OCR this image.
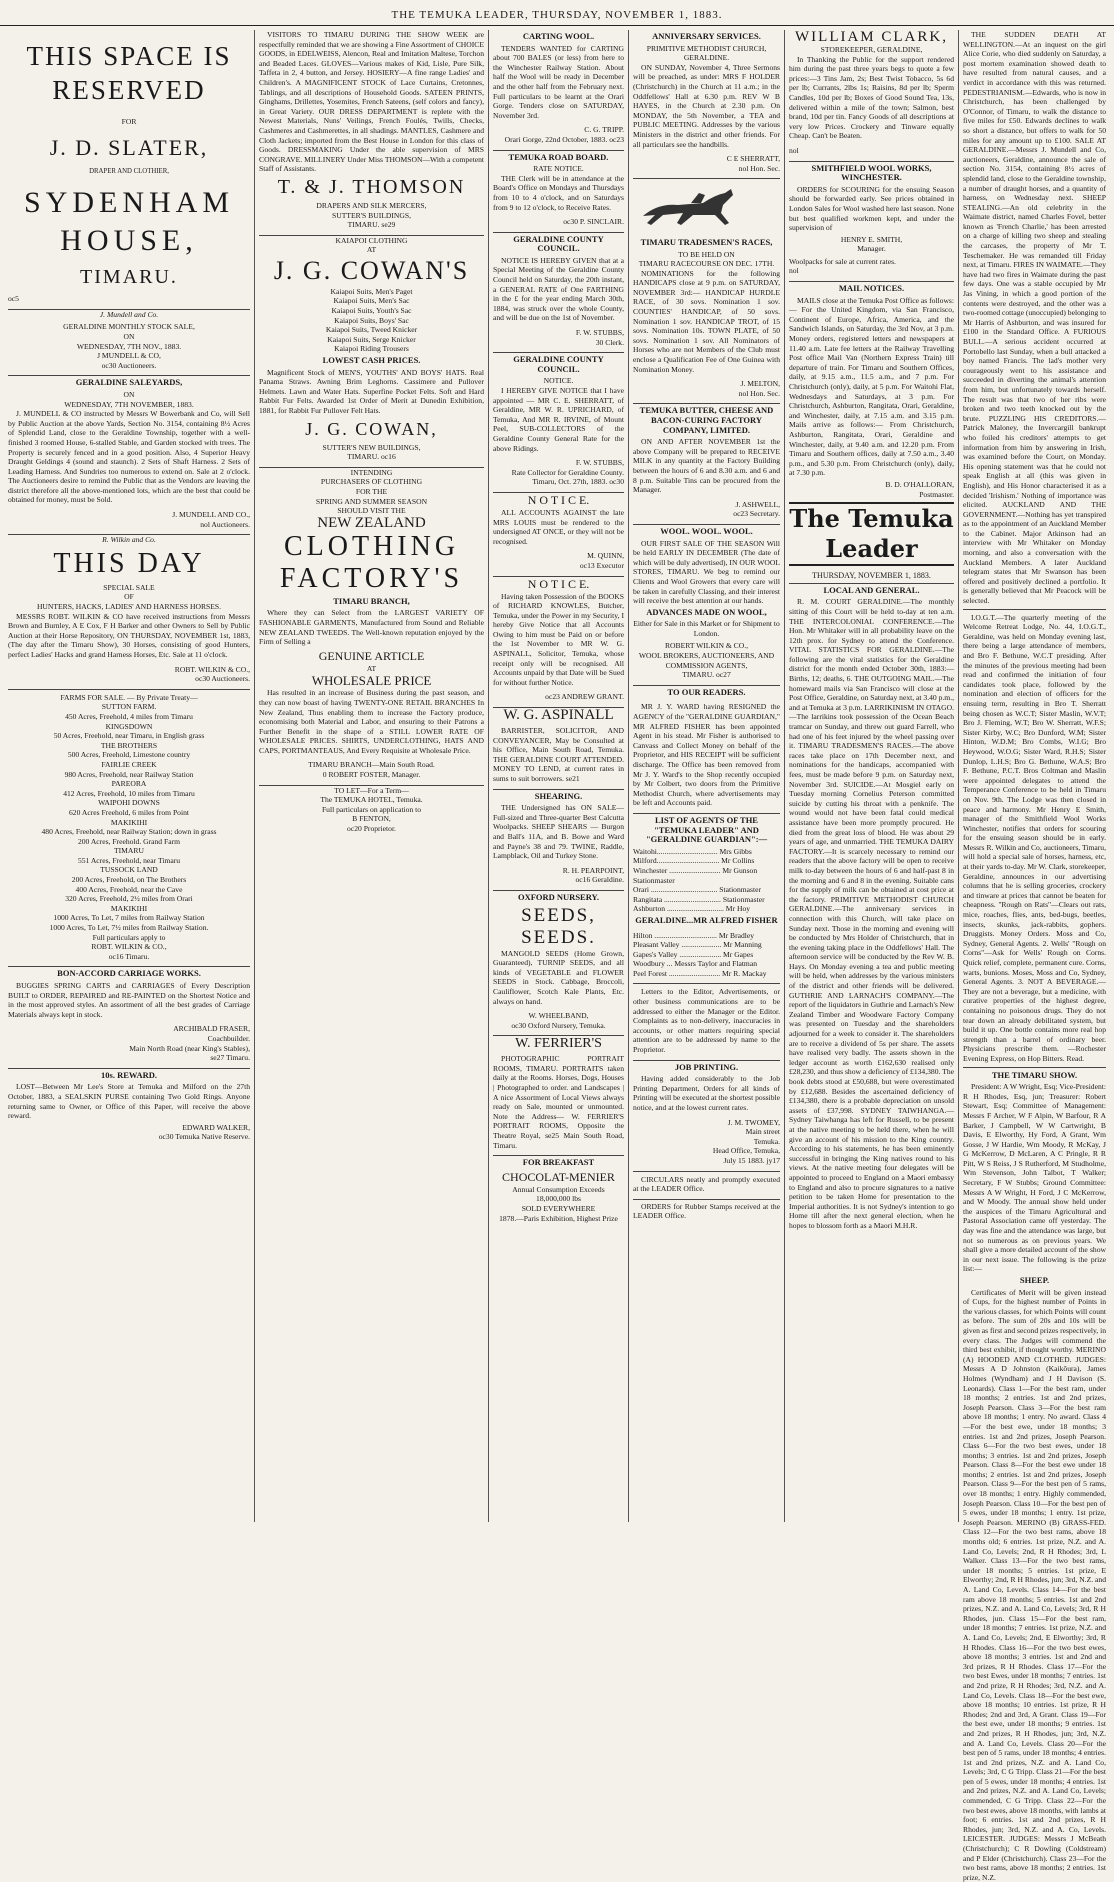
THE TEMUKA LEADER, THURSDAY, NOVEMBER 1, 1883.
THIS SPACE IS RESERVED
FOR
J. D. SLATER,
DRAPER AND CLOTHIER,
SYDENHAM HOUSE,
TIMARU.
oc5
J. Mundell and Co.
GERALDINE MONTHLY STOCK SALE,
ON
WEDNESDAY, 7TH NOV., 1883.
J MUNDELL & CO,
oc30 Auctioneers.
GERALDINE SALEYARDS,
ON
WEDNESDAY, 7TH NOVEMBER, 1883.
J. MUNDELL & CO instructed by Messrs W Bowerbank and Co, will Sell by Public Auction at the above Yards, Section No. 3154, containing 8½ Acres of Splendid Land, close to the Geraldine Township, together with a well-finished 3 roomed House, 6-stalled Stable, and Garden stocked with trees. The Property is securely fenced and in a good position. Also, 4 Superior Heavy Draught Geldings 4 (sound and staunch). 2 Sets of Shaft Harness. 2 Sets of Leading Harness. And Sundries too numerous to extend on. Sale at 2 o'clock. The Auctioneers desire to remind the Public that as the Vendors are leaving the district therefore all the above-mentioned lots, which are the best that could be obtained for money, must be Sold.
J. MUNDELL AND CO.,
nol Auctioneers.
R. Wilkin and Co.
THIS DAY
SPECIAL SALE
OF
HUNTERS, HACKS, LADIES' AND HARNESS HORSES.
MESSRS ROBT. WILKIN & CO have received instructions from Messrs Brown and Burnley, A E Cox, F H Barker and other Owners to Sell by Public Auction at their Horse Repository, ON THURSDAY, NOVEMBER 1st, 1883, (The day after the Timaru Show), 30 Horses, consisting of good Hunters, perfect Ladies' Hacks and grand Harness Horses, Etc. Sale at 11 o'clock.
ROBT. WILKIN & CO.,
oc30 Auctioneers.
FARMS FOR SALE. — By Private Treaty—
SUTTON FARM.
450 Acres, Freehold, 4 miles from Timaru
KINGSDOWN
50 Acres, Freehold, near Timaru, in English grass
THE BROTHERS
500 Acres, Freehold, Limestone country
FAIRLIE CREEK
980 Acres, Freehold, near Railway Station
PAREORA
412 Acres, Freehold, 10 miles from Timaru
WAIPOHI DOWNS
620 Acres Freehold, 6 miles from Point
MAKIKIHI
480 Acres, Freehold, near Railway Station; down in grass
200 Acres, Freehold. Grand Farm
TIMARU
551 Acres, Freehold, near Timaru
TUSSOCK LAND
200 Acres, Freehold, on The Brothers
400 Acres, Freehold, near the Cave
320 Acres, Freehold, 2½ miles from Orari
MAKIKIHI
1000 Acres, To Let, 7 miles from Railway Station
1000 Acres, To Let, 7½ miles from Railway Station.
Full particulars apply to
ROBT. WILKIN & CO.,
oc16 Timaru.
BON-ACCORD CARRIAGE WORKS.
BUGGIES SPRING CARTS and CARRIAGES of Every Description BUILT to ORDER, REPAIRED and RE-PAINTED on the Shortest Notice and in the most approved styles. An assortment of all the best grades of Carriage Materials always kept in stock.
ARCHIBALD FRASER,
Coachbuilder.
Main North Road (near King's Stables),
se27 Timaru.
10s. REWARD.
LOST—Between Mr Lee's Store at Temuka and Milford on the 27th October, 1883, a SEALSKIN PURSE containing Two Gold Rings. Anyone returning same to Owner, or Office of this Paper, will receive the above reward.
EDWARD WALKER,
oc30 Temuka Native Reserve.
VISITORS TO TIMARU DURING THE SHOW WEEK are respectfully reminded that we are showing a Fine Assortment of CHOICE GOODS, in EDELWEISS, Alencon, Real and Imitation Maltese, Torchon and Beaded Laces. GLOVES—Various makes of Kid, Lisle, Pure Silk, Taffeta in 2, 4 button, and Jersey. HOSIERY—A fine range Ladies' and Children's. A MAGNIFICENT STOCK of Lace Curtains, Cretonnes, Tablings, and all descriptions of Household Goods. SATEEN PRINTS, Ginghams, Drillettes, Yosemites, French Sateens, (self colors and fancy), in Great Variety. OUR DRESS DEPARTMENT is replete with the Newest Materials, Nuns' Veilings, French Foulés, Twills, Checks, Cashmeres and Cashmerettes, in all shadings. MANTLES, Cashmere and Cloth Jackets; imported from the Best House in London for this class of Goods. DRESSMAKING Under the able supervision of MRS CONGRAVE. MILLINERY Under Miss THOMSON—With a competent Staff of Assistants.
T. & J. THOMSON
DRAPERS AND SILK MERCERS,
SUTTER'S BUILDINGS,
TIMARU. se29
KAIAPOI CLOTHING
AT
J. G. COWAN'S
Kaiapoi Suits, Men's Paget
Kaiapoi Suits, Men's Sac
Kaiapoi Suits, Youth's Sac
Kaiapoi Suits, Boys' Sac
Kaiapoi Suits, Tweed Knicker
Kaiapoi Suits, Serge Knicker
Kaiapoi Riding Trousers
LOWEST CASH PRICES.
Magnificent Stock of MEN'S, YOUTHS' AND BOYS' HATS. Real Panama Straws. Awning Brim Leghorns. Cassimere and Pullover Helmets. Lawn and Water Hats. Superfine Pocket Felts. Soft and Hard Rabbit Fur Felts. Awarded 1st Order of Merit at Dunedin Exhibition, 1881, for Rabbit Fur Pullover Felt Hats.
J. G. COWAN,
SUTTER'S NEW BUILDINGS,
TIMARU. oc16
INTENDING
PURCHASERS OF CLOTHING
FOR THE
SPRING AND SUMMER SEASON
SHOULD VISIT THE
NEW ZEALAND
CLOTHING
FACTORY'S
TIMARU BRANCH,
Where they can Select from the LARGEST VARIETY OF FASHIONABLE GARMENTS, Manufactured from Sound and Reliable NEW ZEALAND TWEEDS. The Well-known reputation enjoyed by the Firm of Selling a
GENUINE ARTICLE
AT
WHOLESALE PRICE
Has resulted in an increase of Business during the past season, and they can now boast of having TWENTY-ONE RETAIL BRANCHES In New Zealand, Thus enabling them to increase the Factory produce, economising both Material and Labor, and ensuring to their Patrons a Further Benefit in the shape of a STILL LOWER RATE OF WHOLESALE PRICES. SHIRTS, UNDERCLOTHING, HATS AND CAPS, PORTMANTEAUS, And Every Requisite at Wholesale Price.
TIMARU BRANCH—Main South Road.
0 ROBERT FOSTER, Manager.
TO LET—For a Term—
The TEMUKA HOTEL, Temuka.
Full particulars on application to
B FENTON,
oc20 Proprietor.
CARTING WOOL.
TENDERS WANTED for CARTING about 700 BALES (or less) from here to the Winchester Railway Station. About half the Wool will be ready in December and the other half from the February next. Full particulars to be learnt at the Orari Gorge. Tenders close on SATURDAY, November 3rd.
C. G. TRIPP.
Orari Gorge, 22nd October, 1883. oc23
TEMUKA ROAD BOARD.
RATE NOTICE.
THE Clerk will be in attendance at the Board's Office on Mondays and Thursdays from 10 to 4 o'clock, and on Saturdays from 9 to 12 o'clock, to Receive Rates.
oc30 P. SINCLAIR.
GERALDINE COUNTY COUNCIL.
NOTICE IS HEREBY GIVEN that at a Special Meeting of the Geraldine County Council held on Saturday, the 20th instant, a GENERAL RATE of One FARTHING in the £ for the year ending March 30th, 1884, was struck over the whole County, and will be due on the 1st of November.
F. W. STUBBS,
30 Clerk.
GERALDINE COUNTY COUNCIL.
NOTICE.
I HEREBY GIVE NOTICE that I have appointed — MR C. E. SHERRATT, of Geraldine, MR W. R. UPRICHARD, of Temuka, And MR R. IRVINE, of Mount Peel, SUB-COLLECTORS of the Geraldine County General Rate for the above Ridings.
F. W. STUBBS,
Rate Collector for Geraldine County.
Timaru, Oct. 27th, 1883. oc30
N O T I C E.
ALL ACCOUNTS AGAINST the late MRS LOUIS must be rendered to the undersigned AT ONCE, or they will not be recognised.
M. QUINN,
oc13 Executor
N O T I C E.
Having taken Possession of the BOOKS of RICHARD KNOWLES, Butcher, Temuka, under the Power in my Security, I hereby Give Notice that all Accounts Owing to him must be Paid on or before the 1st November to MR W. G. ASPINALL, Solicitor, Temuka, whose receipt only will be recognised. All Accounts unpaid by that Date will be Sued for without further Notice.
oc23 ANDREW GRANT.
W. G. ASPINALL
BARRISTER, SOLICITOR, AND CONVEYANCER, May be Consulted at his Office, Main South Road, Temuka. THE GERALDINE COURT ATTENDED. MONEY TO LEND, at current rates in sums to suit borrowers. se21
SHEARING.
THE Undersigned has ON SALE— Full-sized and Three-quarter Best Calcutta Woolpacks. SHEEP SHEARS — Burgon and Ball's 11A, and B. Bowe and Ward and Payne's 38 and 79. TWINE, Raddle, Lampblack, Oil and Turkey Stone.
R. H. PEARPOINT,
oc16 Geraldine.
OXFORD NURSERY.
SEEDS, SEEDS.
MANGOLD SEEDS (Home Grown, Guaranteed), TURNIP SEEDS, and all kinds of VEGETABLE and FLOWER SEEDS in Stock. Cabbage, Broccoli, Cauliflower, Scotch Kale Plants, Etc. always on hand.
W. WHEELBAND,
oc30 Oxford Nursery, Temuka.
W. FERRIER'S
PHOTOGRAPHIC PORTRAIT ROOMS, TIMARU. PORTRAITS taken daily at the Rooms. Horses, Dogs, Houses | Photographed to order. and Landscapes | A nice Assortment of Local Views always ready on Sale, mounted or unmounted. Note the Address— W. FERRIER'S PORTRAIT ROOMS, Opposite the Theatre Royal, se25 Main South Road, Timaru.
FOR BREAKFAST
CHOCOLAT-MENIER
Annual Consumption Exceeds
18,000,000 lbs
SOLD EVERYWHERE
1878.—Paris Exhibition, Highest Prize
ANNIVERSARY SERVICES.
PRIMITIVE METHODIST CHURCH, GERALDINE.
ON SUNDAY, November 4, Three Sermons will be preached, as under: MRS F HOLDER (Christchurch) in the Church at 11 a.m.; in the Oddfellows' Hall at 6.30 p.m. REV W B HAYES, in the Church at 2.30 p.m. On MONDAY, the 5th November, a TEA and PUBLIC MEETING. Addresses by the various Ministers in the district and other friends. For all particulars see the handbills.
C E SHERRATT,
nol Hon. Sec.
TIMARU TRADESMEN'S RACES,
TO BE HELD ON
TIMARU RACECOURSE ON DEC. 17TH.
NOMINATIONS for the following HANDICAPS close at 9 p.m. on SATURDAY, NOVEMBER 3rd:— HANDICAP HURDLE RACE, of 30 sovs. Nomination 1 sov. COUNTIES' HANDICAP, of 50 sovs. Nomination 1 sov. HANDICAP TROT, of 15 sovs. Nomination 10s. TOWN PLATE, of 50 sovs. Nomination 1 sov. All Nominators of Horses who are not Members of the Club must enclose a Qualification Fee of One Guinea with Nomination Money.
J. MELTON,
nol Hon. Sec.
TEMUKA BUTTER, CHEESE AND BACON-CURING FACTORY COMPANY, LIMITED.
ON AND AFTER NOVEMBER 1st the above Company will be prepared to RECEIVE MILK in any quantity at the Factory Building between the hours of 6 and 8.30 a.m. and 6 and 8 p.m. Suitable Tins can be procured from the Manager.
J. ASHWELL,
oc23 Secretary.
WOOL. WOOL. WOOL.
OUR FIRST SALE OF THE SEASON Will be held EARLY IN DECEMBER (The date of which will be duly advertised), IN OUR WOOL STORES, TIMARU. We beg to remind our Clients and Wool Growers that every care will be taken in carefully Classing, and their interest will receive the best attention at our hands.
ADVANCES MADE ON WOOL,
Either for Sale in this Market or for Shipment to London.
ROBERT WILKIN & CO.,
WOOL BROKERS, AUCTIONEERS, AND COMMISSION AGENTS,
TIMARU. oc27
TO OUR READERS.
MR J. Y. WARD having RESIGNED the AGENCY of the "GERALDINE GUARDIAN," MR ALFRED FISHER has been appointed Agent in his stead. Mr Fisher is authorised to Canvass and Collect Money on behalf of the Proprietor, and HIS RECEIPT will be sufficient discharge. The Office has been removed from Mr J. Y. Ward's to the Shop recently occupied by Mr Colbert, two doors from the Primitive Methodist Church, where advertisements may be left and Accounts paid.
LIST OF AGENTS OF THE "TEMUKA LEADER" AND "GERALDINE GUARDIAN":—
Waitohi................................ Mrs Gibbs
Milford................................. Mr Collins
Winchester ........................... Mr Gunson
Stationmaster
Orari ................................... Stationmaster
Rangitata .............................. Stationmaster
Ashburton .............................. Mr Hoy
GERALDINE...MR ALFRED FISHER
Hilton ................................. Mr Bradley
Pleasant Valley ..................... Mr Manning
Gapes's Valley ...................... Mr Gapes
Woodbury ... Messrs Taylor and Flatman
Peel Forest ........................... Mr R. Mackay
Letters to the Editor, Advertisements, or other business communications are to be addressed to either the Manager or the Editor. Complaints as to non-delivery, inaccuracies in accounts, or other matters requiring special attention are to be addressed by name to the Proprietor.
JOB PRINTING.
Having added considerably to the Job Printing Department, Orders for all kinds of Printing will be executed at the shortest possible notice, and at the lowest current rates.
J. M. TWOMEY,
Main street
Temuka.
Head Office, Temuka,
July 15 1883. jy17
CIRCULARS neatly and promptly executed at the LEADER Office.
ORDERS for Rubber Stamps received at the LEADER Office.
WILLIAM CLARK,
STOREKEEPER, GERALDINE,
In Thanking the Public for the support rendered him during the past three years begs to quote a few prices:—3 Tins Jam, 2s; Best Twist Tobacco, 5s 6d per lb; Currants, 2lbs 1s; Raisins, 8d per lb; Sperm Candles, 10d per lb; Boxes of Good Sound Tea, 13s, delivered within a mile of the town; Salmon, best brand, 10d per tin. Fancy Goods of all descriptions at very low Prices. Crockery and Tinware equally Cheap. Can't be Beaten.
nol
SMITHFIELD WOOL WORKS, WINCHESTER.
ORDERS for SCOURING for the ensuing Season should be forwarded early. See prices obtained in London Sales for Wool washed here last season. None but best qualified workmen kept, and under the supervision of
HENRY E. SMITH,
Manager.
Woolpacks for sale at current rates.
nol
MAIL NOTICES.
MAILS close at the Temuka Post Office as follows:— For the United Kingdom, via San Francisco, Continent of Europe, Africa, America, and the Sandwich Islands, on Saturday, the 3rd Nov, at 3 p.m. Money orders, registered letters and newspapers at 11.40 a.m. Late fee letters at the Railway Travelling Post office Mail Van (Northern Express Train) till departure of train. For Timaru and Southern Offices, daily, at 9.15 a.m., 11.5 a.m., and 7 p.m. For Christchurch (only), daily, at 5 p.m. For Waitohi Flat, Wednesdays and Saturdays, at 3 p.m. For Christchurch, Ashburton, Rangitata, Orari, Geraldine, and Winchester, daily, at 7.15 a.m. and 3.15 p.m. Mails arrive as follows:— From Christchurch, Ashburton, Rangitata, Orari, Geraldine and Winchester, daily, at 9.40 a.m. and 12.20 p.m. From Timaru and Southern offices, daily at 7.50 a.m., 3.40 p.m., and 5.30 p.m. From Christchurch (only), daily, at 7.30 p.m.
B. D. O'HALLORAN,
Postmaster.
The Temuka Leader
THURSDAY, NOVEMBER 1, 1883.
LOCAL AND GENERAL.
R. M. COURT GERALDINE.—The monthly sitting of this Court will be held to-day at ten a.m. THE INTERCOLONIAL CONFERENCE.—The Hon. Mr Whitaker will in all probability leave on the 12th prox. for Sydney to attend the Conference. VITAL STATISTICS FOR GERALDINE.—The following are the vital statistics for the Geraldine district for the month ended October 30th, 1883:—Births, 12; deaths, 6. THE OUTGOING MAIL.—The homeward mails via San Francisco will close at the Post Office, Geraldine, on Saturday next, at 3.40 p.m., and at Temuka at 3 p.m. LARRIKINISM IN OTAGO.—The larrikins took possession of the Ocean Beach tramcar on Sunday, and threw out guard Farrell, who had one of his feet injured by the wheel passing over it. TIMARU TRADESMEN'S RACES.—The above races take place on 17th December next, and nominations for the handicaps, accompanied with fees, must be made before 9 p.m. on Saturday next, November 3rd. SUICIDE.—At Mosgiel early on Tuesday morning Cornelius Peterson committed suicide by cutting his throat with a penknife. The wound would not have been fatal could medical assistance have been more promptly procured. He died from the great loss of blood. He was about 29 years of age, and unmarried. THE TEMUKA DAIRY FACTORY.—It is scarcely necessary to remind our readers that the above factory will be open to receive milk to-day between the hours of 6 and half-past 8 in the morning and 6 and 8 in the evening. Suitable cans for the supply of milk can be obtained at cost price at the factory. PRIMITIVE METHODIST CHURCH GERALDINE.—The anniversary services in connection with this Church, will take place on Sunday next. Those in the morning and evening will be conducted by Mrs Holder of Christchurch, that in the evening taking place in the Oddfellows' Hall. The afternoon service will be conducted by the Rev W. B. Hays. On Monday evening a tea and public meeting will be held, when addresses by the various ministers of the district and other friends will be delivered. GUTHRIE AND LARNACH'S COMPANY.—The report of the liquidators in Guthrie and Larnach's New Zealand Timber and Woodware Factory Company was presented on Tuesday and the shareholders adjourned for a week to consider it. The shareholders are to receive a dividend of 5s per share. The assets have realised very badly. The assets shown in the ledger account as worth £162,630 realised only £28,230, and thus show a deficiency of £134,380. The book debts stood at £50,688, but were overestimated by £12,688. Besides the ascertained deficiency of £134,380, there is a probable depreciation on unsold assets of £37,998. SYDNEY TAIWHANGA.—Sydney Taiwhanga has left for Russell, to be present at the native meeting to be held there, when he will give an account of his mission to the King country. According to his statements, he has been eminently successful in bringing the King natives round to his views. At the native meeting four delegates will be appointed to proceed to England on a Maori embassy to England and also to procure signatures to a native petition to be taken Home for presentation to the Imperial authorities. It is not Sydney's intention to go Home till after the next general election, when he hopes to blossom forth as a Maori M.H.R.
THE SUDDEN DEATH AT WELLINGTON.—At an inquest on the girl Alice Corie, who died suddenly on Saturday, a post mortem examination showed death to have resulted from natural causes, and a verdict in accordance with this was returned. PEDESTRIANISM.—Edwards, who is now in Christchurch, has been challenged by O'Connor, of Timaru, to walk the distance to five miles for £50. Edwards declines to walk so short a distance, but offers to walk for 50 miles for any amount up to £100. SALE AT GERALDINE.—Messrs J. Mundell and Co, auctioneers, Geraldine, announce the sale of section No. 3154, containing 8½ acres of splendid land, close to the Geraldine township, a number of draught horses, and a quantity of harness, on Wednesday next. SHEEP STEALING.—An old celebrity in the Waimate district, named Charles Fovel, better known as 'French Charlie,' has been arrested on a charge of killing two sheep and stealing the carcases, the property of Mr T. Teschemaker. He was remanded till Friday next, at Timaru. FIRES IN WAIMATE.—They have had two fires in Waimate during the past few days. One was a stable occupied by Mr Jas Vining, in which a good portion of the contents were destroyed, and the other was a two-roomed cottage (unoccupied) belonging to Mr Harris of Ashburton, and was insured for £100 in the Standard Office. A FURIOUS BULL.—A serious accident occurred at Portobello last Sunday, when a bull attacked a boy named Francis. The lad's mother very courageously went to his assistance and succeeded in diverting the animal's attention from him, but unfortunately towards herself. The result was that two of her ribs were broken and two teeth knocked out by the brute. PUZZLING HIS CREDITORS.—Patrick Maloney, the Invercargill bankrupt who foiled his creditors' attempts to get information from him by answering in Irish, was examined before the Court, on Monday. His opening statement was that he could not speak English at all (this was given in English), and His Honor characterised it as a decided 'Irishism.' Nothing of importance was elicited. AUCKLAND AND THE GOVERNMENT.—Nothing has yet transpired as to the appointment of an Auckland Member to the Cabinet. Major Atkinson had an interview with Mr Whitaker on Monday morning, and also a conversation with the Auckland Members. A later Auckland telegram states that Mr Swanson has been offered and positively declined a portfolio. It is generally believed that Mr Peacock will be selected.
I.O.G.T.—The quarterly meeting of the Welcome Retreat Lodge, No. 44, I.O.G.T., Geraldine, was held on Monday evening last, there being a large attendance of members, and Bro F. Bethune, W.C.T presiding. After the minutes of the previous meeting had been read and confirmed the initiation of four candidates took place, followed by the nomination and election of officers for the ensuing term, resulting in Bro T. Sherratt being chosen as W.C.T; Sister Maslin, W.V.T; Bro J. Fleming, W.T; Bro W. Sherratt, W.F.S; Sister Kirby, W.C; Bro Dunford, W.M; Sister Hinton, W.D.M; Bro Combs, W.I.G; Bro Heywood, W.O.G; Sister Ward, R.H.S; Sister Dunlop, L.H.S; Bro G. Bethune, W.A.S; Bro F. Bethune, P.C.T. Bros Coltman and Maslin were appointed delegates to attend the Temperance Conference to be held in Timaru on Nov. 9th. The Lodge was then closed in peace and harmony. Mr Henry E Smith, manager of the Smithfield Wool Works Winchester, notifies that orders for scouring for the ensuing season should be in early. Messrs R. Wilkin and Co, auctioneers, Timaru, will hold a special sale of horses, harness, etc, at their yards to-day. Mr W. Clark, storekeeper, Geraldine, announces in our advertising columns that he is selling groceries, crockery and tinware at prices that cannot be beaten for cheapness. "Rough on Rats"—Clears out rats, mice, roaches, flies, ants, bed-bugs, beetles, insects, skunks, jack-rabbits, gophers. Druggists. Money Orders. Moss and Co, Sydney, General Agents. 2. Wells' "Rough on Corns"—Ask for Wells' Rough on Corns. Quick relief, complete, permanent cure. Corns, warts, bunions. Moses, Moss and Co, Sydney, General Agents. 3. NOT A BEVERAGE.—They are not a beverage, but a medicine, with curative properties of the highest degree, containing no poisonous drugs. They do not tear down an already debilitated system, but build it up. One bottle contains more real hop strength than a barrel of ordinary beer. Physicians prescribe them. —Rochester Evening Express, on Hop Bitters. Read.
THE TIMARU SHOW.
President: A W Wright, Esq; Vice-President: R H Rhodes, Esq, jun; Treasurer: Robert Stewart, Esq; Committee of Management: Messrs F Archer, W F Alpin, W Barfour, R A Barker, J Campbell, W W Cartwright, B Davis, E Elworthy, Hy Ford, A Grant, Wm Gosse, J W Hardie, Wm Moody, R McKay, J G McKerrow, D McLaren, A C Pringle, R R Pitt, W S Reiss, J S Rutherford, M Studholme, Wm Stevenson, John Talbot, T Walker; Secretary, F W Stubbs; Ground Committee: Messrs A W Wright, H Ford, J C McKerrow, and W Moody. The annual show held under the auspices of the Timaru Agricultural and Pastoral Association came off yesterday. The day was fine and the attendance was large, but not so numerous as on previous years. We shall give a more detailed account of the show in our next issue. The following is the prize list:—
SHEEP.
Certificates of Merit will be given instead of Cups, for the highest number of Points in the various classes, for which Points will count as before. The sum of 20s and 10s will be given as first and second prizes respectively, in every class. The Judges will commend the third best exhibit, if thought worthy. MERINO (A) HOODED AND CLOTHED. JUDGES: Messrs A D Johnston (Kaikōura), James Holmes (Wyndham) and J H Davison (S. Leonards). Class 1—For the best ram, under 18 months; 2 entries. 1st and 2nd prizes, Joseph Pearson. Class 3—For the best ram above 18 months; 1 entry. No award. Class 4—For the best ewe, under 18 months; 3 entries. 1st and 2nd prizes, Joseph Pearson. Class 6—For the two best ewes, under 18 months; 3 entries. 1st and 2nd prizes, Joseph Pearson. Class 8—For the best ewe under 18 months; 2 entries. 1st and 2nd prizes, Joseph Pearson. Class 9—For the best pen of 5 rams, over 18 months; 1 entry. Highly commended, Joseph Pearson. Class 10—For the best pen of 5 ewes, under 18 months; 1 entry. 1st prize, Joseph Pearson. MERINO (B) GRASS-FED. Class 12—For the two best rams, above 18 months old; 6 entries. 1st prize, N.Z. and A. Land Co, Levels; 2nd, R H Rhodes; 3rd, L Walker. Class 13—For the two best rams, under 18 months; 5 entries. 1st prize, E Elworthy; 2nd, R H Rhodes, jun; 3rd, N.Z. and A. Land Co, Levels. Class 14—For the best ram above 18 months; 5 entries. 1st and 2nd prizes, N.Z. and A. Land Co, Levels; 3rd, R H Rhodes, jun. Class 15—For the best ram, under 18 months; 7 entries. 1st prize, N.Z. and A. Land Co, Levels; 2nd, E Elworthy; 3rd, R H Rhodes. Class 16—For the two best ewes, above 18 months; 3 entries. 1st and 2nd and 3rd prizes, R H Rhodes. Class 17—For the two best Ewes, under 18 months; 7 entries. 1st and 2nd prize, R H Rhodes; 3rd, N.Z. and A. Land Co, Levels. Class 18—For the best ewe, above 18 months; 10 entries. 1st prize, R H Rhodes; 2nd and 3rd, A Grant. Class 19—For the best ewe, under 18 months; 9 entries. 1st and 2nd prizes, R H Rhodes, jun; 3rd, N.Z. and A. Land Co, Levels. Class 20—For the best pen of 5 rams, under 18 months; 4 entries. 1st and 2nd prizes, N.Z. and A. Land Co, Levels; 3rd, C G Tripp. Class 21—For the best pen of 5 ewes, under 18 months; 4 entries. 1st and 2nd prizes, N.Z. and A. Land Co, Levels; commended, C G Tripp. Class 22—For the two best ewes, above 18 months, with lambs at foot; 6 entries. 1st and 2nd prizes, R H Rhodes, jun; 3rd, N.Z. and A. Co, Levels. LEICESTER. JUDGES: Messrs J McBeath (Christchurch); C R Dowling (Coldstream) and P Elder (Christchurch). Class 23—For the two best rams, above 18 months; 2 entries. 1st prize, N.Z.
